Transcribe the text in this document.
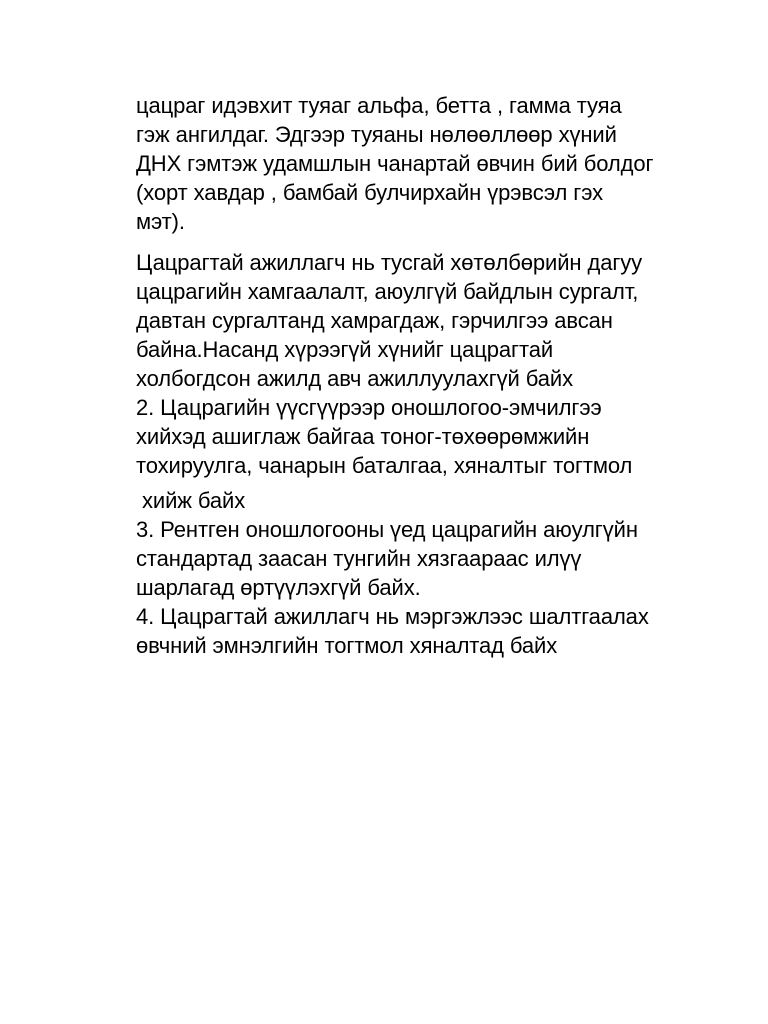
цацраг идэвхит туяаг альфа, бетта , гамма туяа
гэж ангилдаг. Эдгээр туяаны нөлөөллөөр хүний
ДНХ гэмтэж удамшлын чанартай өвчин бий болдог
(хорт хавдар , бамбай булчирхайн үрэвсэл гэх
мэт).

Цацрагтай ажиллагч нь тусгай хөтөлбөрийн дагуу
цацрагийн хамгаалалт, аюулгүй байдлын сургалт,
давтан сургалтанд хамрагдаж, гэрчилгээ авсан
байна.Насанд хүрээгүй хүнийг цацрагтай
холбогдсон ажилд авч ажиллуулахгүй байх
2. Цацрагийн үүсгүүрээр оношлогоо-эмчилгээ
хийхэд ашиглаж байгаа тоног-төхөөрөмжийн
тохируулга, чанарын баталгаа, хяналтыг тогтмол

хийж байх
3. Рентген оношлогооны үед цацрагийн аюулгүйн
стандартад заасан тунгийн хязгаараас илүү
шарлагад өртүүлэхгүй байх.
4. Цацрагтай ажиллагч нь мэргэжлээс шалтгаалах
өвчний эмнэлгийн тогтмол хяналтад байх
